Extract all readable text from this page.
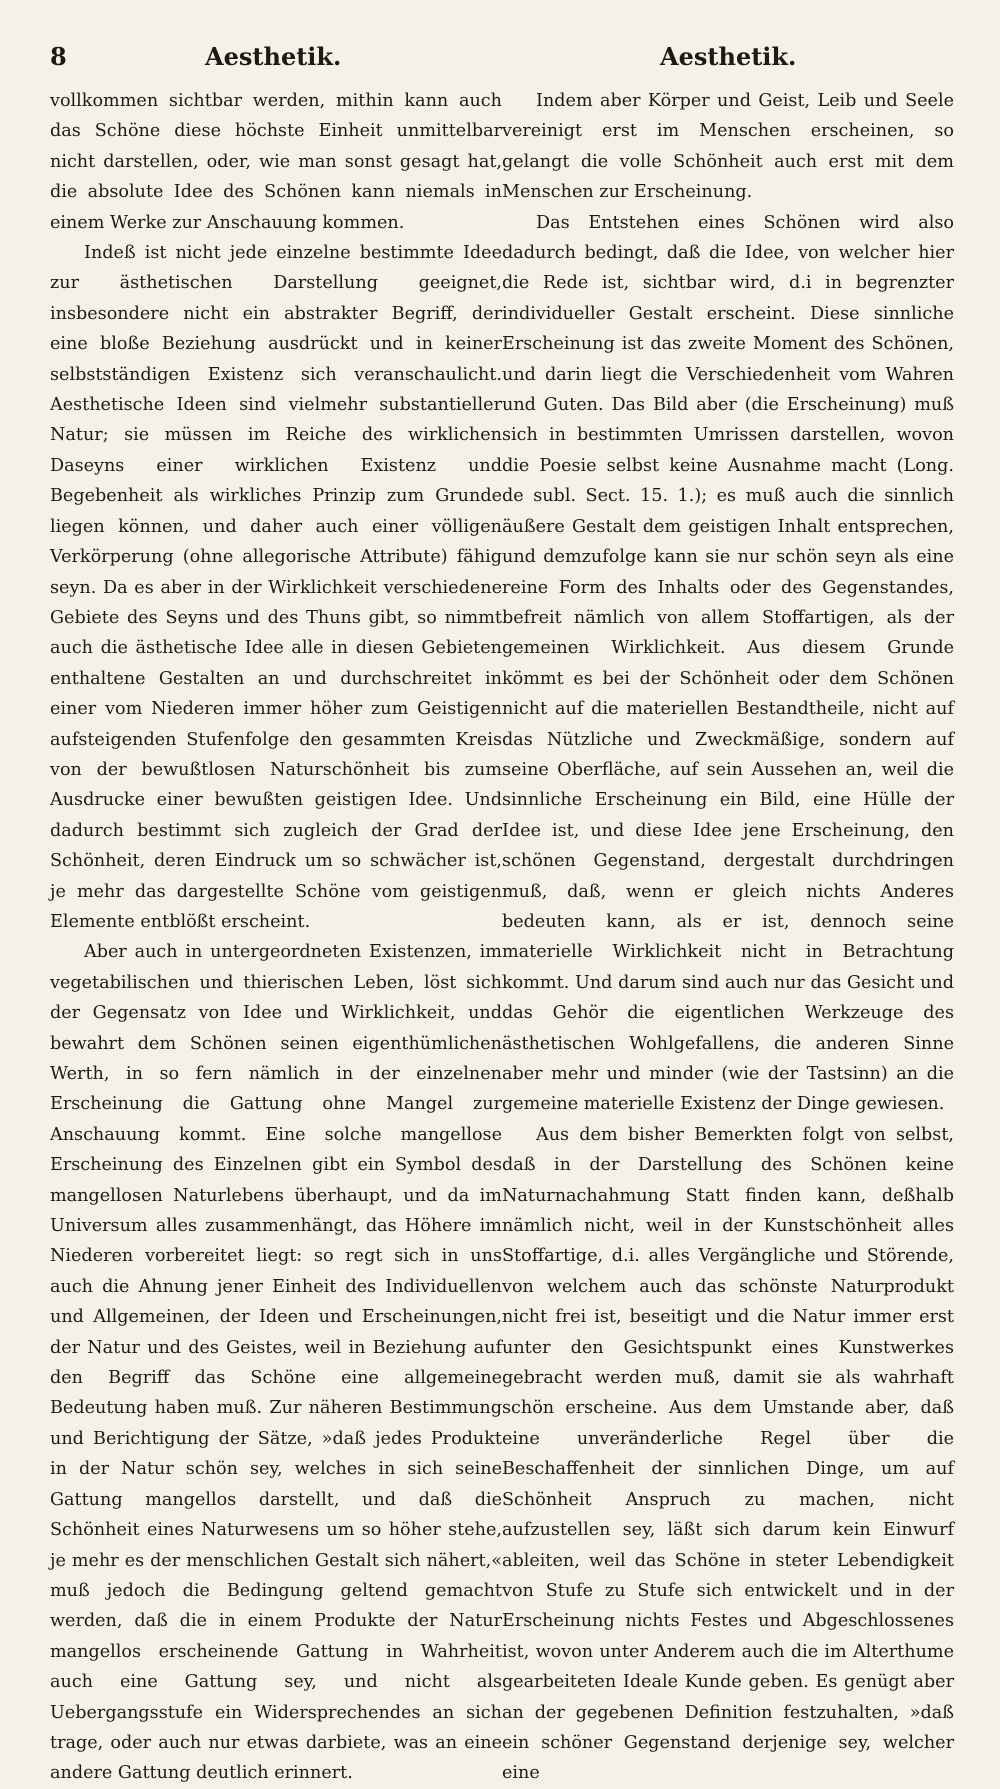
8	Aesthetik.	Aesthetik.

vollkommen sichtbar werden, mithin kann auch das Schöne diese höchste Einheit unmittelbar nicht darstellen, oder, wie man sonst gesagt hat, die absolute Idee des Schönen kann niemals in einem Werke zur Anschauung kommen.

Indeß ist nicht jede einzelne bestimmte Idee zur ästhetischen Darstellung geeignet, insbesondere nicht ein abstrakter Begriff, der eine bloße Beziehung ausdrückt und in keiner selbstständigen Existenz sich veranschaulicht. Aesthetische Ideen sind vielmehr substantieller Natur; sie müssen im Reiche des wirklichen Daseyns einer wirklichen Existenz und Begebenheit als wirkliches Prinzip zum Grunde liegen können, und daher auch einer völligen Verkörperung (ohne allegorische Attribute) fähig seyn. Da es aber in der Wirklichkeit verschiedene Gebiete des Seyns und des Thuns gibt, so nimmt auch die ästhetische Idee alle in diesen Gebieten enthaltene Gestalten an und durchschreitet in einer vom Niederen immer höher zum Geistigen aufsteigenden Stufenfolge den gesammten Kreis von der bewußtlosen Naturschönheit bis zum Ausdrucke einer bewußten geistigen Idee. Und dadurch bestimmt sich zugleich der Grad der Schönheit, deren Eindruck um so schwächer ist, je mehr das dargestellte Schöne vom geistigen Elemente entblößt erscheint.

Aber auch in untergeordneten Existenzen, im vegetabilischen und thierischen Leben, löst sich der Gegensatz von Idee und Wirklichkeit, und bewahrt dem Schönen seinen eigenthümlichen Werth, in so fern nämlich in der einzelnen Erscheinung die Gattung ohne Mangel zur Anschauung kommt. Eine solche mangellose Erscheinung des Einzelnen gibt ein Symbol des mangellosen Naturlebens überhaupt, und da im Universum alles zusammenhängt, das Höhere im Niederen vorbereitet liegt: so regt sich in uns auch die Ahnung jener Einheit des Individuellen und Allgemeinen, der Ideen und Erscheinungen, der Natur und des Geistes, weil in Beziehung auf den Begriff das Schöne eine allgemeine Bedeutung haben muß. Zur näheren Bestimmung und Berichtigung der Sätze, »daß jedes Produkt in der Natur schön sey, welches in sich seine Gattung mangellos darstellt, und daß die Schönheit eines Naturwesens um so höher stehe, je mehr es der menschlichen Gestalt sich nähert,« muß jedoch die Bedingung geltend gemacht werden, daß die in einem Produkte der Natur mangellos erscheinende Gattung in Wahrheit auch eine Gattung sey, und nicht als Uebergangsstufe ein Widersprechendes an sich trage, oder auch nur etwas darbiete, was an eine andere Gattung deutlich erinnert.

Indem aber Körper und Geist, Leib und Seele vereinigt erst im Menschen erscheinen, so gelangt die volle Schönheit auch erst mit dem Menschen zur Erscheinung.

Das Entstehen eines Schönen wird also dadurch bedingt, daß die Idee, von welcher hier die Rede ist, sichtbar wird, d.i in begrenzter individueller Gestalt erscheint. Diese sinnliche Erscheinung ist das zweite Moment des Schönen, und darin liegt die Verschiedenheit vom Wahren und Guten. Das Bild aber (die Erscheinung) muß sich in bestimmten Umrissen darstellen, wovon die Poesie selbst keine Ausnahme macht (Long. de subl. Sect. 15. 1.); es muß auch die sinnlich äußere Gestalt dem geistigen Inhalt entsprechen, und demzufolge kann sie nur schön seyn als eine reine Form des Inhalts oder des Gegenstandes, befreit nämlich von allem Stoffartigen, als der gemeinen Wirklichkeit. Aus diesem Grunde kömmt es bei der Schönheit oder dem Schönen nicht auf die materiellen Bestandtheile, nicht auf das Nützliche und Zweckmäßige, sondern auf seine Oberfläche, auf sein Aussehen an, weil die sinnliche Erscheinung ein Bild, eine Hülle der Idee ist, und diese Idee jene Erscheinung, den schönen Gegenstand, dergestalt durchdringen muß, daß, wenn er gleich nichts Anderes bedeuten kann, als er ist, dennoch seine materielle Wirklichkeit nicht in Betrachtung kommt. Und darum sind auch nur das Gesicht und das Gehör die eigentlichen Werkzeuge des ästhetischen Wohlgefallens, die anderen Sinne aber mehr und minder (wie der Tastsinn) an die gemeine materielle Existenz der Dinge gewiesen.

Aus dem bisher Bemerkten folgt von selbst, daß in der Darstellung des Schönen keine Naturnachahmung Statt finden kann, deßhalb nämlich nicht, weil in der Kunstschönheit alles Stoffartige, d.i. alles Vergängliche und Störende, von welchem auch das schönste Naturprodukt nicht frei ist, beseitigt und die Natur immer erst unter den Gesichtspunkt eines Kunstwerkes gebracht werden muß, damit sie als wahrhaft schön erscheine. Aus dem Umstande aber, daß eine unveränderliche Regel über die Beschaffenheit der sinnlichen Dinge, um auf Schönheit Anspruch zu machen, nicht aufzustellen sey, läßt sich darum kein Einwurf ableiten, weil das Schöne in steter Lebendigkeit von Stufe zu Stufe sich entwickelt und in der Erscheinung nichts Festes und Abgeschlossenes ist, wovon unter Anderem auch die im Alterthume gearbeiteten Ideale Kunde geben. Es genügt aber an der gegebenen Definition festzuhalten, »daß ein schöner Gegenstand derjenige sey, welcher eine
